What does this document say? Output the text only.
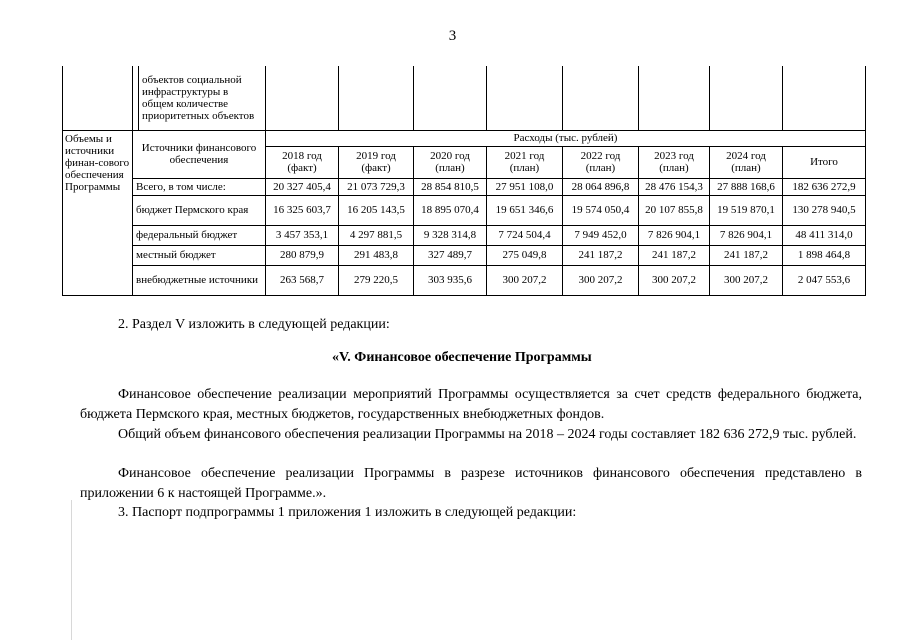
3
		объектов социальной инфраструктуры в общем количестве приоритетных объектов								
Объемы и источники финан-сового обеспечения Программы	Источники финансового обеспечения		Расходы (тыс. рублей)							
			2018 год (факт)	2019 год (факт)	2020 год (план)	2021 год (план)	2022 год (план)	2023 год (план)	2024 год (план)	Итого
	Всего, в том числе:		20 327 405,4	21 073 729,3	28 854 810,5	27 951 108,0	28 064 896,8	28 476 154,3	27 888 168,6	182 636 272,9
	бюджет Пермского края		16 325 603,7	16 205 143,5	18 895 070,4	19 651 346,6	19 574 050,4	20 107 855,8	19 519 870,1	130 278 940,5
	федеральный бюджет		3 457 353,1	4 297 881,5	9 328 314,8	7 724 504,4	7 949 452,0	7 826 904,1	7 826 904,1	48 411 314,0
	местный бюджет		280 879,9	291 483,8	327 489,7	275 049,8	241 187,2	241 187,2	241 187,2	1 898 464,8
	внебюджетные источники		263 568,7	279 220,5	303 935,6	300 207,2	300 207,2	300 207,2	300 207,2	2 047 553,6

2. Раздел V изложить в следующей редакции:

«V. Финансовое обеспечение Программы

Финансовое обеспечение реализации мероприятий Программы осуществляется за счет средств федерального бюджета, бюджета Пермского края, местных бюджетов, государственных внебюджетных фондов.

Общий объем финансового обеспечения реализации Программы на 2018 – 2024 годы составляет 182 636 272,9 тыс. рублей.

Финансовое обеспечение реализации Программы в разрезе источников финансового обеспечения представлено в приложении 6 к настоящей Программе.».

3. Паспорт подпрограммы 1 приложения 1 изложить в следующей редакции:
